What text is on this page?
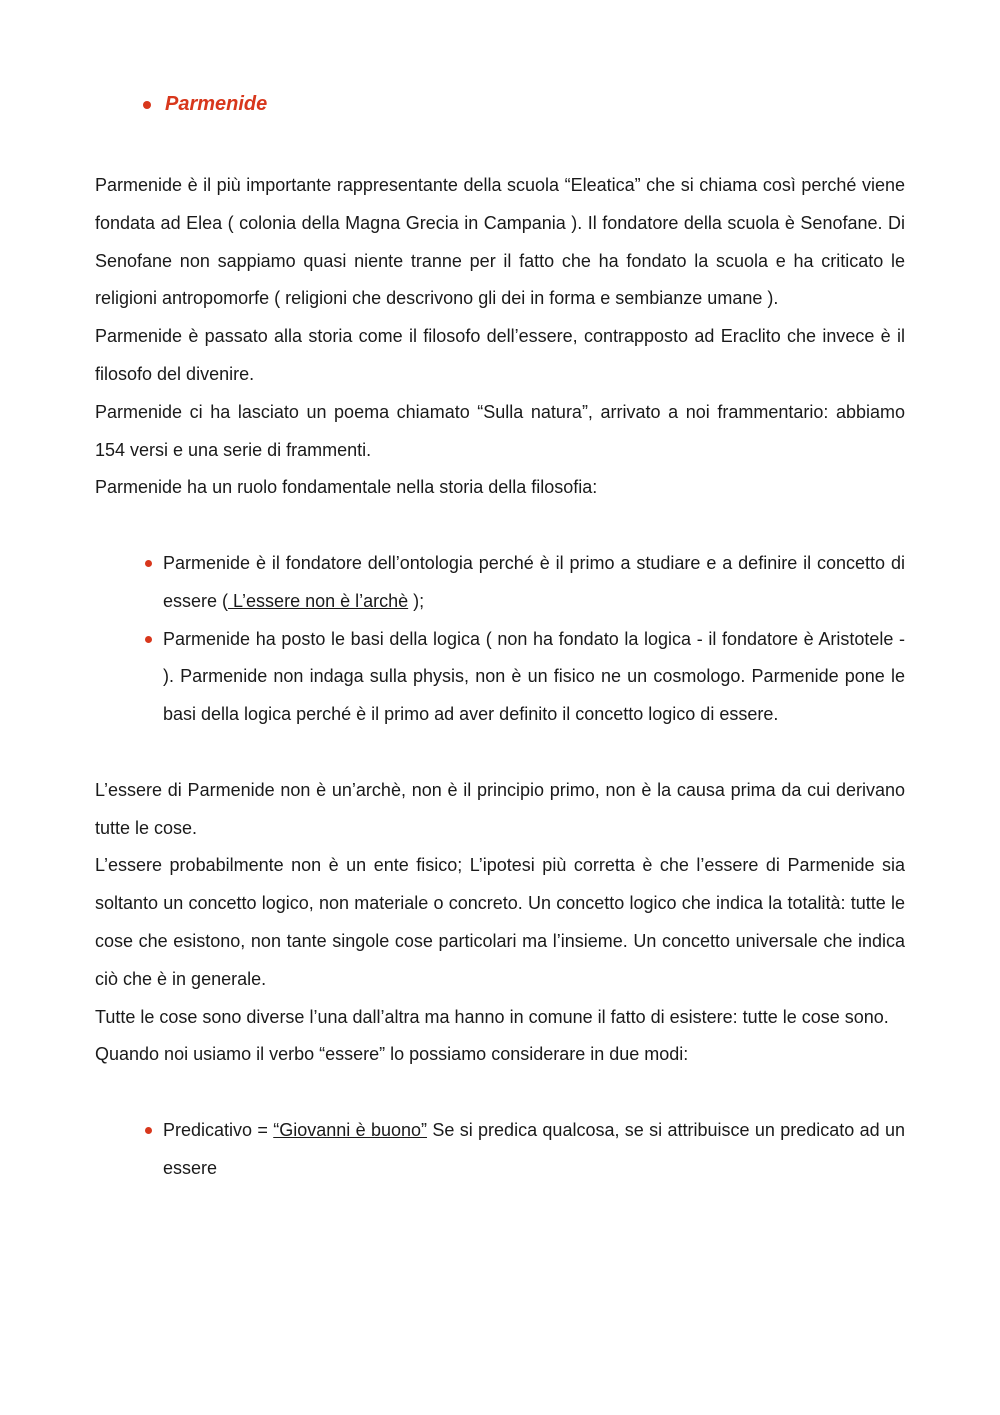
Parmenide

Parmenide è il più importante rappresentante della scuola “Eleatica” che si chiama così perché viene fondata ad Elea ( colonia della Magna Grecia in Campania ). Il fondatore della scuola è Senofane. Di Senofane non sappiamo quasi niente tranne per il fatto che ha fondato la scuola e ha criticato le religioni antropomorfe ( religioni che descrivono gli dei in forma e sembianze umane ).

Parmenide è passato alla storia come il filosofo dell’essere, contrapposto ad Eraclito che invece è il filosofo del divenire.

Parmenide ci ha lasciato un poema chiamato “Sulla natura”, arrivato a noi frammentario: abbiamo 154 versi e una serie di frammenti.

Parmenide ha un ruolo fondamentale nella storia della filosofia:

Parmenide è il fondatore dell’ontologia perché è il primo a studiare e a definire il concetto di essere ( L’essere non è l’archè );
Parmenide ha posto le basi della logica ( non ha fondato la logica - il fondatore è Aristotele - ). Parmenide non indaga sulla physis, non è un fisico ne un cosmologo. Parmenide pone le basi della logica perché è il primo ad aver definito il concetto logico di essere.

L’essere di Parmenide non è un’archè, non è il principio primo, non è la causa prima da cui derivano tutte le cose.

L’essere probabilmente non è un ente fisico; L’ipotesi più corretta è che l’essere di Parmenide sia soltanto un concetto logico, non materiale o concreto. Un concetto logico che indica la totalità: tutte le cose che esistono, non tante singole cose particolari ma l’insieme. Un concetto universale che indica ciò che è in generale.

Tutte le cose sono diverse l’una dall’altra ma hanno in comune il fatto di esistere: tutte le cose sono.

Quando noi usiamo il verbo “essere” lo possiamo considerare in due modi:

Predicativo = “Giovanni è buono” Se si predica qualcosa, se si attribuisce un predicato ad un essere
